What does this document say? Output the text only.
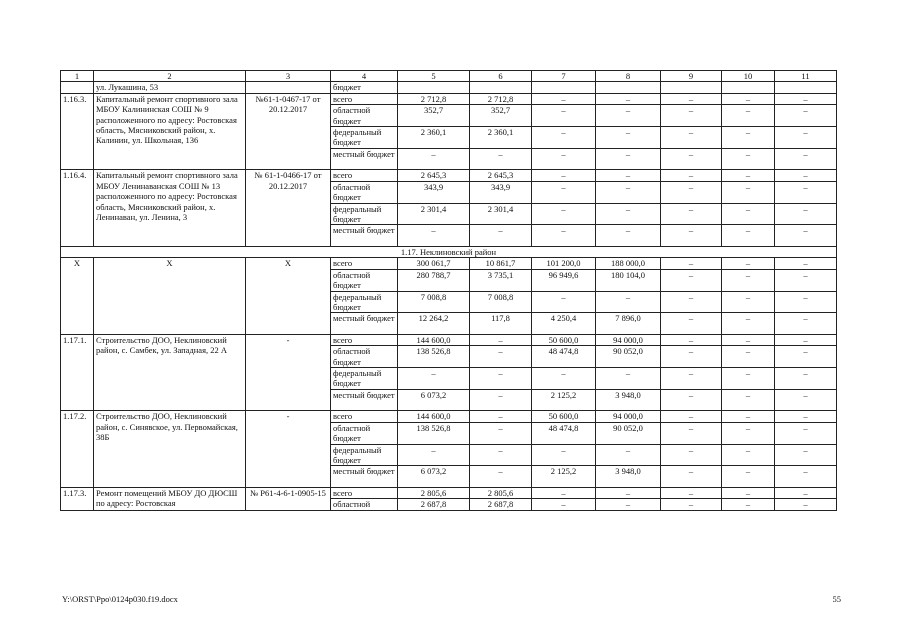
1	2	3	4	5	6	7	8	9	10	11
	ул. Лукашина, 53		бюджет							
1.16.3.	Капитальный ремонт спортивного зала МБОУ Калининская СОШ № 9 расположенного по адресу: Ростовская область, Мясниковский район, х. Калинин, ул. Школьная, 136	№61-1-0467-17 от 20.12.2017	всего	2 712,8	2 712,8	–	–	–	–	–
			областной бюджет	352,7	352,7	–	–	–	–	–
			федеральный бюджет	2 360,1	2 360,1	–	–	–	–	–
			местный бюджет	–	–	–	–	–	–	–
1.16.4.	Капитальный ремонт спортивного зала МБОУ Ленинаванская СОШ № 13 расположенного по адресу: Ростовская область, Мясниковский район, х. Ленинаван, ул. Ленина, 3	№ 61-1-0466-17 от 20.12.2017	всего	2 645,3	2 645,3	–	–	–	–	–
			областной бюджет	343,9	343,9	–	–	–	–	–
			федеральный бюджет	2 301,4	2 301,4	–	–	–	–	–
			местный бюджет	–	–	–	–	–	–	–
1.17. Неклиновский район										
Х	Х	Х	всего	300 061,7	10 861,7	101 200,0	188 000,0	–	–	–
			областной бюджет	280 788,7	3 735,1	96 949,6	180 104,0	–	–	–
			федеральный бюджет	7 008,8	7 008,8	–	–	–	–	–
			местный бюджет	12 264,2	117,8	4 250,4	7 896,0	–	–	–
1.17.1.	Строительство ДОО, Неклиновский район, с. Самбек, ул. Западная, 22 А	-	всего	144 600,0	–	50 600,0	94 000,0	–	–	–
			областной бюджет	138 526,8	–	48 474,8	90 052,0	–	–	–
			федеральный бюджет	–	–	–	–	–	–	–
			местный бюджет	6 073,2	–	2 125,2	3 948,0	–	–	–
1.17.2.	Строительство ДОО, Неклиновский район, с. Синявское, ул. Первомайская, 38Б	-	всего	144 600,0	–	50 600,0	94 000,0	–	–	–
			областной бюджет	138 526,8	–	48 474,8	90 052,0	–	–	–
			федеральный бюджет	–	–	–	–	–	–	–
			местный бюджет	6 073,2	–	2 125,2	3 948,0	–	–	–
1.17.3.	Ремонт помещений МБОУ ДО ДЮСШ по адресу: Ростовская	№ Р61-4-6-1-0905-15	всего	2 805,6	2 805,6	–	–	–	–	–
			областной	2 687,8	2 687,8	–	–	–	–	–
Y:\ORST\Ppo\0124p030.f19.docx	55
